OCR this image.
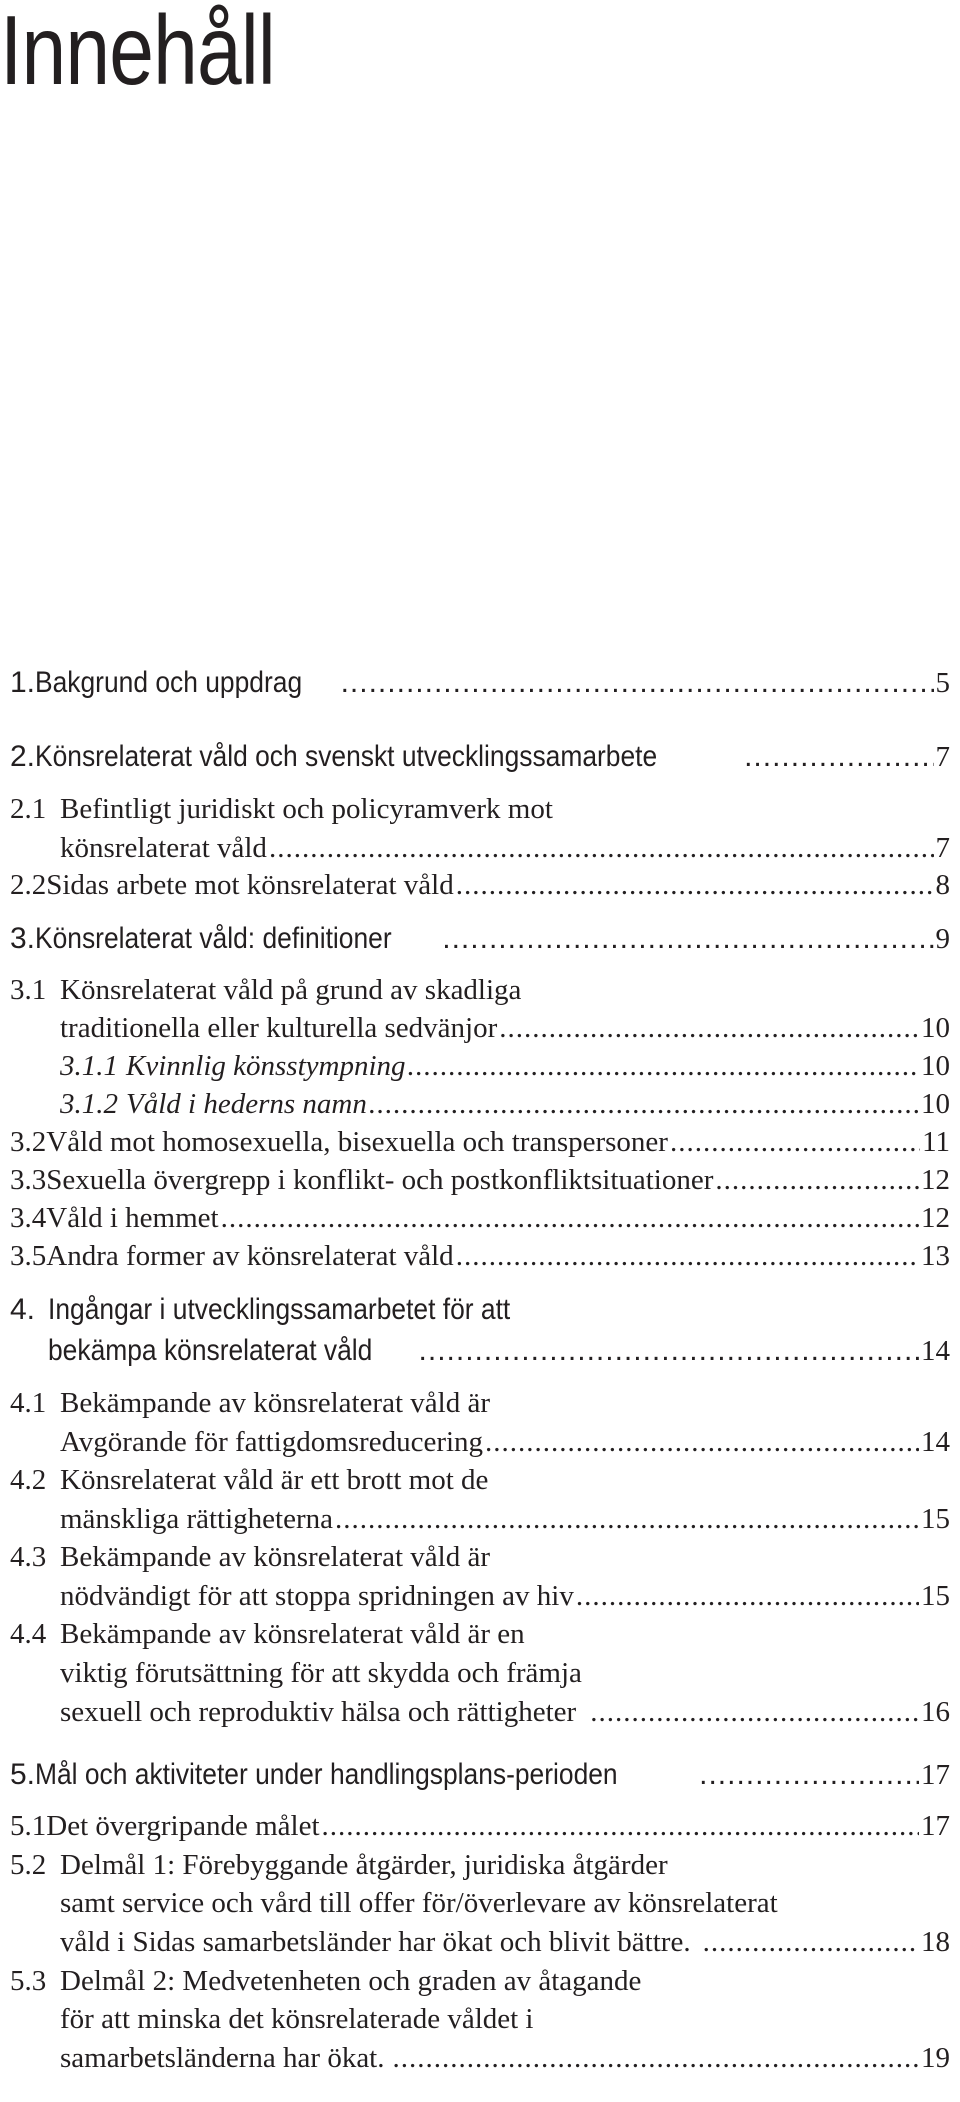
Innehåll
1. Bakgrund och uppdrag .....	5
2. Könsrelaterat våld och svenskt utvecklingssamarbete .....	7
2.1 Befintligt juridiskt och policyramverk mot
könsrelaterat våld .....	7
2.2 Sidas arbete mot könsrelaterat våld .....	8
3. Könsrelaterat våld: definitioner .....	9
3.1 Könsrelaterat våld på grund av skadliga
traditionella eller kulturella sedvänjor .....	10
3.1.1 Kvinnlig könsstympning .....	10
3.1.2 Våld i hederns namn .....	10
3.2 Våld mot homosexuella, bisexuella och transpersoner .....	11
3.3 Sexuella övergrepp i konflikt- och postkonfliktsituationer .....	12
3.4 Våld i hemmet .....	12
3.5 Andra former av könsrelaterat våld .....	13
4. Ingångar i utvecklingssamarbetet för att
bekämpa könsrelaterat våld .....	14
4.1 Bekämpande av könsrelaterat våld är
Avgörande för fattigdomsreducering .....	14
4.2 Könsrelaterat våld är ett brott mot de
mänskliga rättigheterna .....	15
4.3 Bekämpande av könsrelaterat våld är
nödvändigt för att stoppa spridningen av hiv .....	15
4.4 Bekämpande av könsrelaterat våld är en
viktig förutsättning för att skydda och främja
sexuell och reproduktiv hälsa och rättigheter .....	16
5. Mål och aktiviteter under handlingsplans-perioden .....	17
5.1 Det övergripande målet .....	17
5.2 Delmål 1: Förebyggande åtgärder, juridiska åtgärder
samt service och vård till offer för/överlevare av könsrelaterat
våld i Sidas samarbetsländer har ökat och blivit bättre. .....	18
5.3 Delmål 2: Medvetenheten och graden av åtagande
för att minska det könsrelaterade våldet i
samarbetsländerna har ökat. .....	19
